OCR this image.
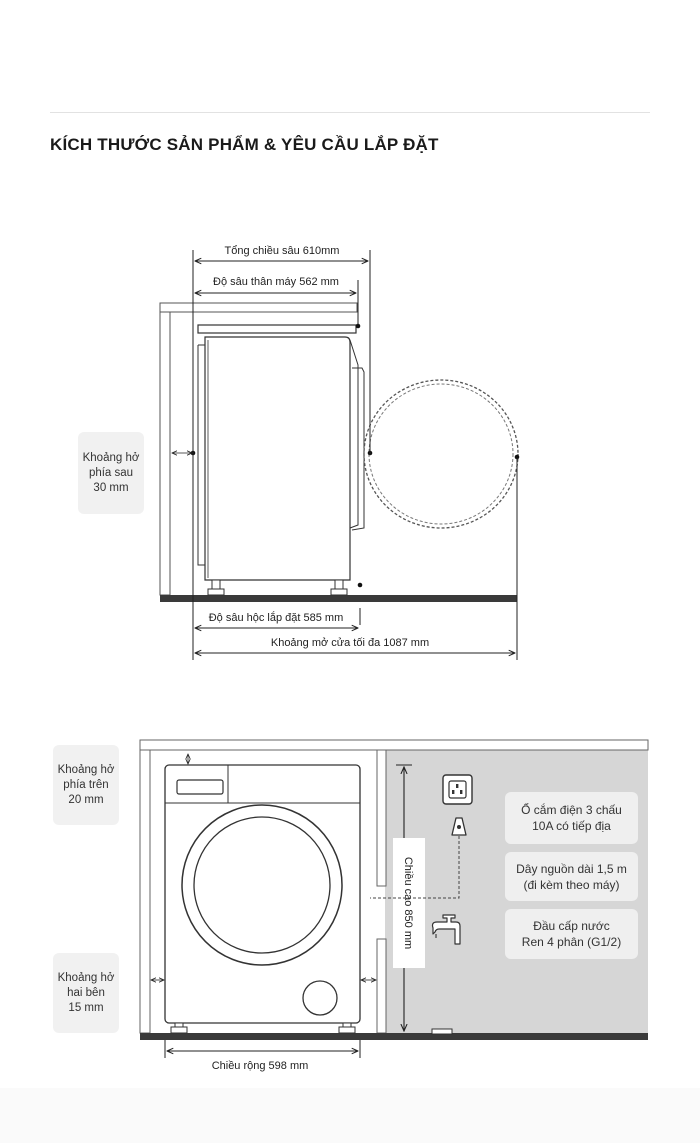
KÍCH THƯỚC SẢN PHẨM & YÊU CẦU LẮP ĐẶT
Tổng chiều sâu 610mm
Độ sâu thân máy 562 mm
Độ sâu hộc lắp đặt 585 mm
Khoảng mở cửa tối đa 1087 mm
Chiều rộng 598 mm
Chiều cao 850 mm
Khoảng hở
phía sau
30 mm
Khoảng hở
phía trên
20 mm
Khoảng hở
hai bên
15 mm
Ổ cắm điện 3 chấu
10A có tiếp địa
Dây nguồn dài 1,5 m
(đi kèm theo máy)
Đầu cấp nước
Ren 4 phân (G1/2)
